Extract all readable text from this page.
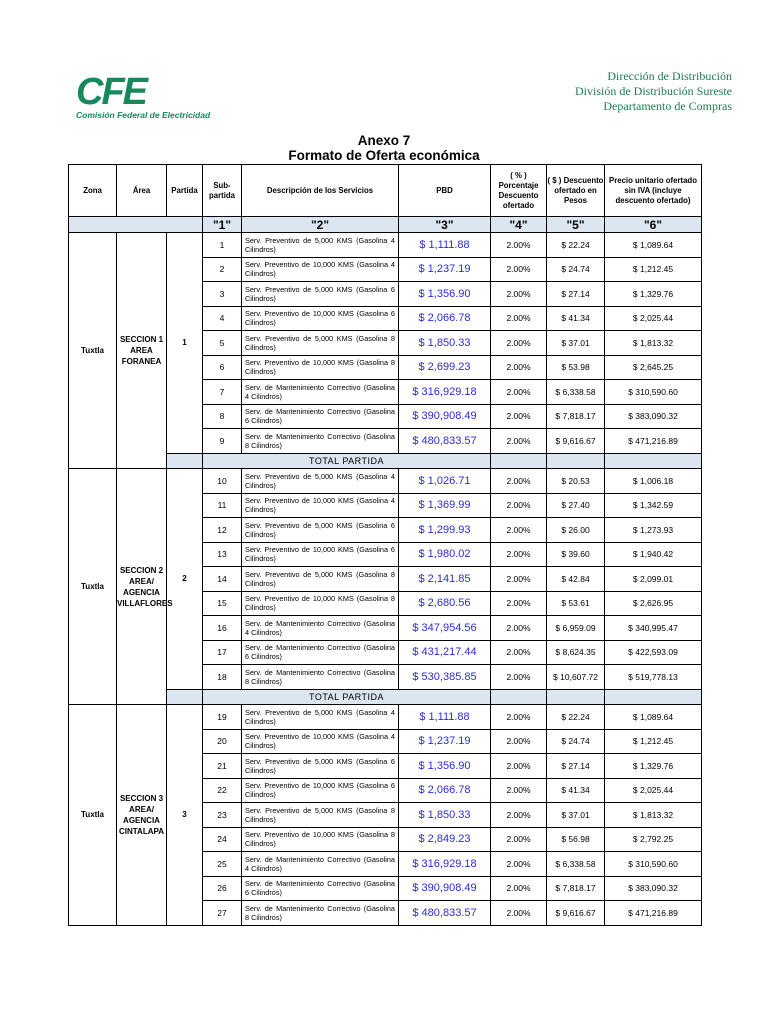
CFE
Comisión Federal de Electricidad
Dirección de Distribución
División de Distribución Sureste
Departamento de Compras
Anexo 7
Formato de Oferta económica
Zona	Área	Partida	Sub-partida	Descripción de los Servicios	PBD	( % ) Porcentaje Descuento ofertado	( $ ) Descuento ofertado en Pesos	Precio unitario ofertado sin IVA (incluye descuento ofertado)
			"1"	"2"	"3"	"4"	"5"	"6"
Tuxtla	SECCION 1 AREA FORANEA	1	1	Serv. Preventivo de 5,000 KMS (Gasolina 4 Cilindros)	$ 1,111.88	2.00%	$ 22.24	$ 1,089.64
			2	Serv. Preventivo de 10,000 KMS (Gasolina 4 Cilindros)	$ 1,237.19	2.00%	$ 24.74	$ 1,212.45
			3	Serv. Preventivo de 5,000 KMS (Gasolina 6 Cilindros)	$ 1,356.90	2.00%	$ 27.14	$ 1,329.76
			4	Serv. Preventivo de 10,000 KMS (Gasolina 6 Cilindros)	$ 2,066.78	2.00%	$ 41.34	$ 2,025.44
			5	Serv. Preventivo de 5,000 KMS (Gasolina 8 Cilindros)	$ 1,850.33	2.00%	$ 37.01	$ 1,813.32
			6	Serv. Preventivo de 10,000 KMS (Gasolina 8 Cilindros)	$ 2,699.23	2.00%	$ 53.98	$ 2,645.25
			7	Serv. de Mantenimiento Correctivo (Gasolina 4 Cilindros)	$ 316,929.18	2.00%	$ 6,338.58	$ 310,590.60
			8	Serv. de Mantenimiento Correctivo (Gasolina 6 Cilindros)	$ 390,908.49	2.00%	$ 7,818.17	$ 383,090.32
			9	Serv. de Mantenimiento Correctivo (Gasolina 8 Cilindros)	$ 480,833.57	2.00%	$ 9,616.67	$ 471,216.89
			TOTAL PARTIDA					
Tuxtla	SECCION 2 AREA/ AGENCIA VILLAFLORES	2	10	Serv. Preventivo de 5,000 KMS (Gasolina 4 Cilindros)	$ 1,026.71	2.00%	$ 20.53	$ 1,006.18
			11	Serv. Preventivo de 10,000 KMS (Gasolina 4 Cilindros)	$ 1,369.99	2.00%	$ 27.40	$ 1,342.59
			12	Serv. Preventivo de 5,000 KMS (Gasolina 6 Cilindros)	$ 1,299.93	2.00%	$ 26.00	$ 1,273.93
			13	Serv. Preventivo de 10,000 KMS (Gasolina 6 Cilindros)	$ 1,980.02	2.00%	$ 39.60	$ 1,940.42
			14	Serv. Preventivo de 5,000 KMS (Gasolina 8 Cilindros)	$ 2,141.85	2.00%	$ 42.84	$ 2,099.01
			15	Serv. Preventivo de 10,000 KMS (Gasolina 8 Cilindros)	$ 2,680.56	2.00%	$ 53.61	$ 2,626.95
			16	Serv. de Mantenimiento Correctivo (Gasolina 4 Cilindros)	$ 347,954.56	2.00%	$ 6,959.09	$ 340,995.47
			17	Serv. de Mantenimiento Correctivo (Gasolina 6 Cilindros)	$ 431,217.44	2.00%	$ 8,624.35	$ 422,593.09
			18	Serv. de Mantenimiento Correctivo (Gasolina 8 Cilindros)	$ 530,385.85	2.00%	$ 10,607.72	$ 519,778.13
			TOTAL PARTIDA					
Tuxtla	SECCION 3 AREA/ AGENCIA CINTALAPA	3	19	Serv. Preventivo de 5,000 KMS (Gasolina 4 Cilindros)	$ 1,111.88	2.00%	$ 22.24	$ 1,089.64
			20	Serv. Preventivo de 10,000 KMS (Gasolina 4 Cilindros)	$ 1,237.19	2.00%	$ 24.74	$ 1,212.45
			21	Serv. Preventivo de 5,000 KMS (Gasolina 6 Cilindros)	$ 1,356.90	2.00%	$ 27.14	$ 1,329.76
			22	Serv. Preventivo de 10,000 KMS (Gasolina 6 Cilindros)	$ 2,066.78	2.00%	$ 41.34	$ 2,025.44
			23	Serv. Preventivo de 5,000 KMS (Gasolina 8 Cilindros)	$ 1,850.33	2.00%	$ 37.01	$ 1,813.32
			24	Serv. Preventivo de 10,000 KMS (Gasolina 8 Cilindros)	$ 2,849.23	2.00%	$ 56.98	$ 2,792.25
			25	Serv. de Mantenimiento Correctivo (Gasolina 4 Cilindros)	$ 316,929.18	2.00%	$ 6,338.58	$ 310,590.60
			26	Serv. de Mantenimiento Correctivo (Gasolina 6 Cilindros)	$ 390,908.49	2.00%	$ 7,818.17	$ 383,090.32
			27	Serv. de Mantenimiento Correctivo (Gasolina 8 Cilindros)	$ 480,833.57	2.00%	$ 9,616.67	$ 471,216.89
